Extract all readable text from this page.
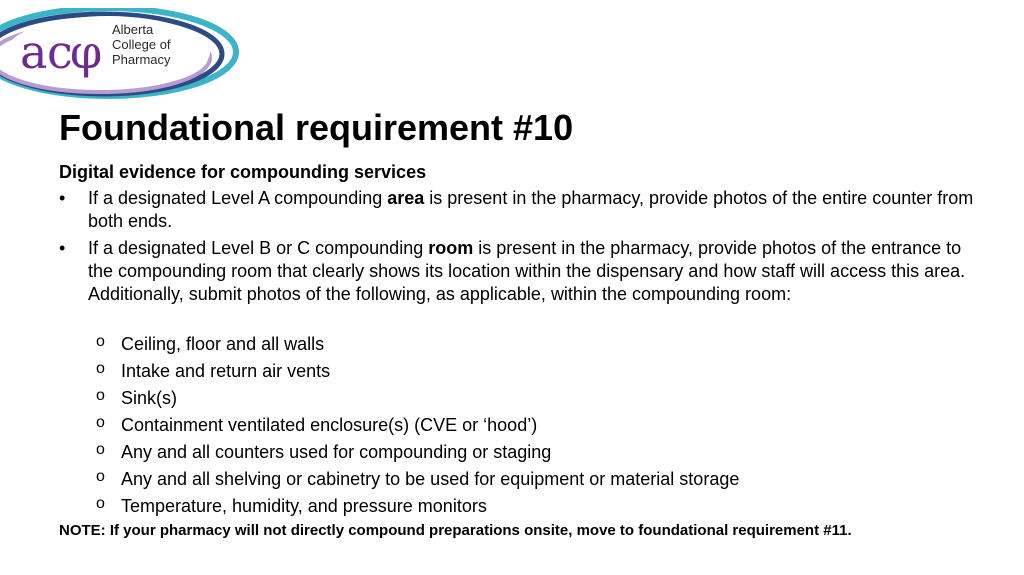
a c
φ Alberta
College of
Pharmacy
Foundational requirement #10
Digital evidence for compounding services
• If a designated Level A compounding area is present in the pharmacy, provide photos of the entire counter from both ends.
• If a designated Level B or C compounding room is present in the pharmacy, provide photos of the entrance to the compounding room that clearly shows its location within the dispensary and how staff will access this area. Additionally, submit photos of the following, as applicable, within the compounding room:
o Ceiling, floor and all walls
o Intake and return air vents
o Sink(s)
o Containment ventilated enclosure(s) (CVE or ‘hood’)
o Any and all counters used for compounding or staging
o Any and all shelving or cabinetry to be used for equipment or material storage
o Temperature, humidity, and pressure monitors
NOTE: If your pharmacy will not directly compound preparations onsite, move to foundational requirement #11.
